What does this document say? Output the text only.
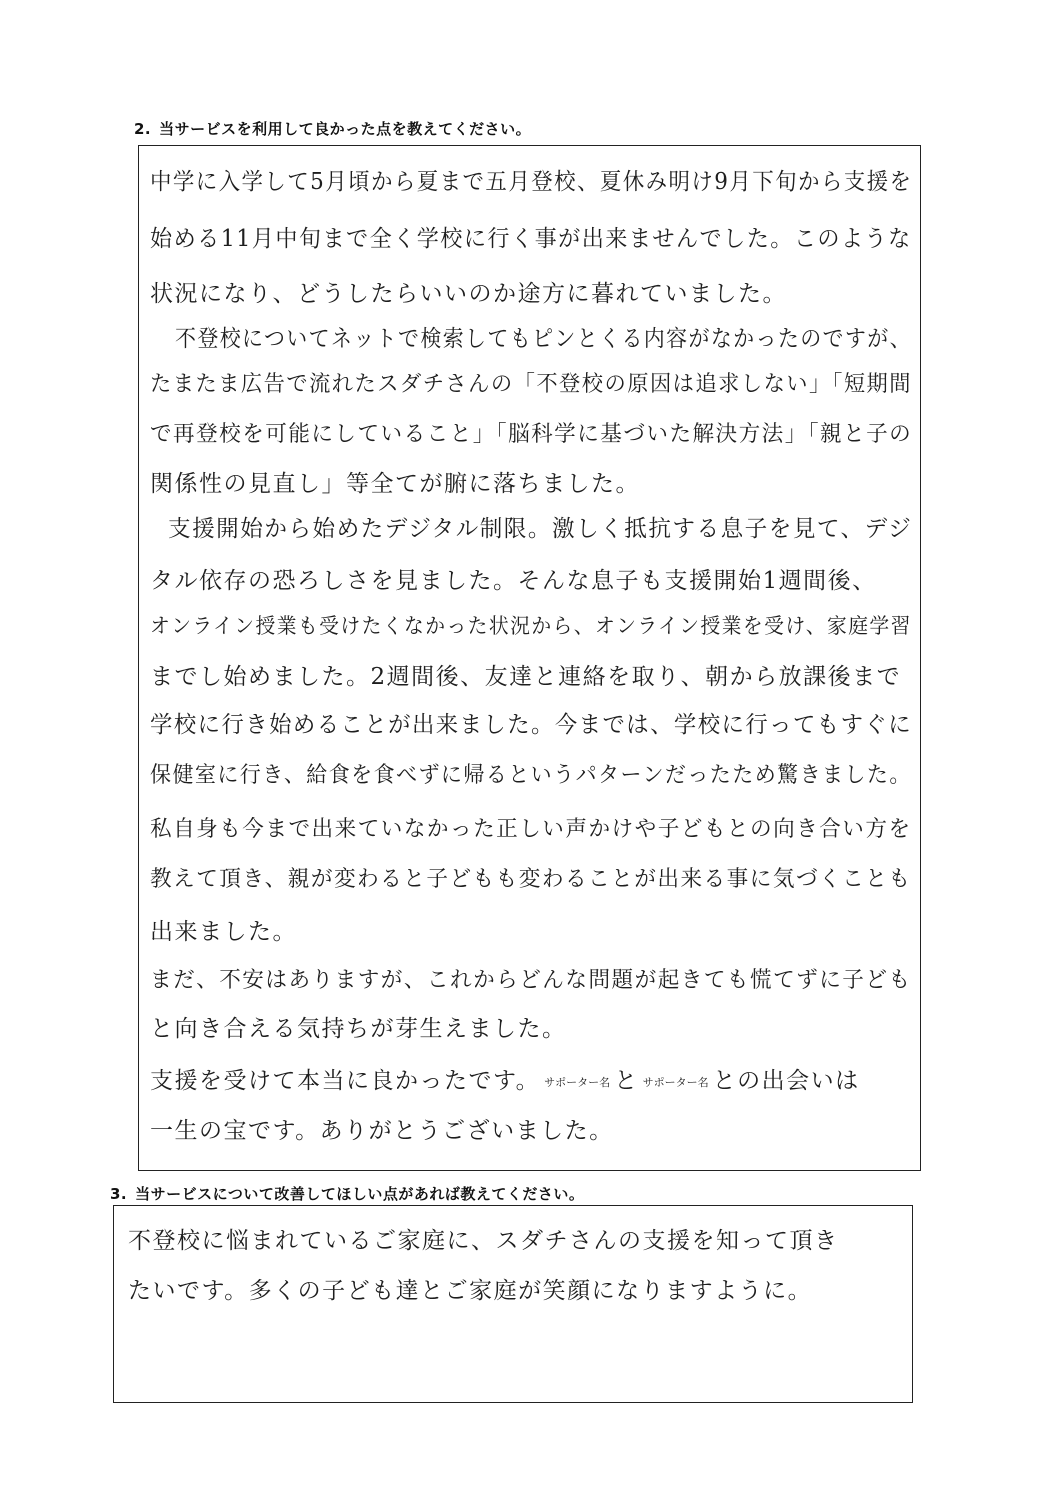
2. 当サービスを利用して良かった点を教えてください。
中学に入学して5月頃から夏まで五月登校、夏休み明け9月下旬から支援を
始める11月中旬まで全く学校に行く事が出来ませんでした。このような
状況になり、どうしたらいいのか途方に暮れていました。
不登校についてネットで検索してもピンとくる内容がなかったのですが、
たまたま広告で流れたスダチさんの「不登校の原因は追求しない」「短期間
で再登校を可能にしていること」「脳科学に基づいた解決方法」「親と子の
関係性の見直し」等全てが腑に落ちました。
支援開始から始めたデジタル制限。激しく抵抗する息子を見て、デジ
タル依存の恐ろしさを見ました。そんな息子も支援開始1週間後、
オンライン授業も受けたくなかった状況から、オンライン授業を受け、家庭学習
までし始めました。2週間後、友達と連絡を取り、朝から放課後まで
学校に行き始めることが出来ました。今までは、学校に行ってもすぐに
保健室に行き、給食を食べずに帰るというパターンだったため驚きました。
私自身も今まで出来ていなかった正しい声かけや子どもとの向き合い方を
教えて頂き、親が変わると子どもも変わることが出来る事に気づくことも
出来ました。
まだ、不安はありますが、これからどんな問題が起きても慌てずに子ども
と向き合える気持ちが芽生えました。
支援を受けて本当に良かったです。 サポーター名 と サポーター名 との出会いは
一生の宝です。ありがとうございました。
3. 当サービスについて改善してほしい点があれば教えてください。
不登校に悩まれているご家庭に、スダチさんの支援を知って頂き
たいです。多くの子ども達とご家庭が笑顔になりますように。
